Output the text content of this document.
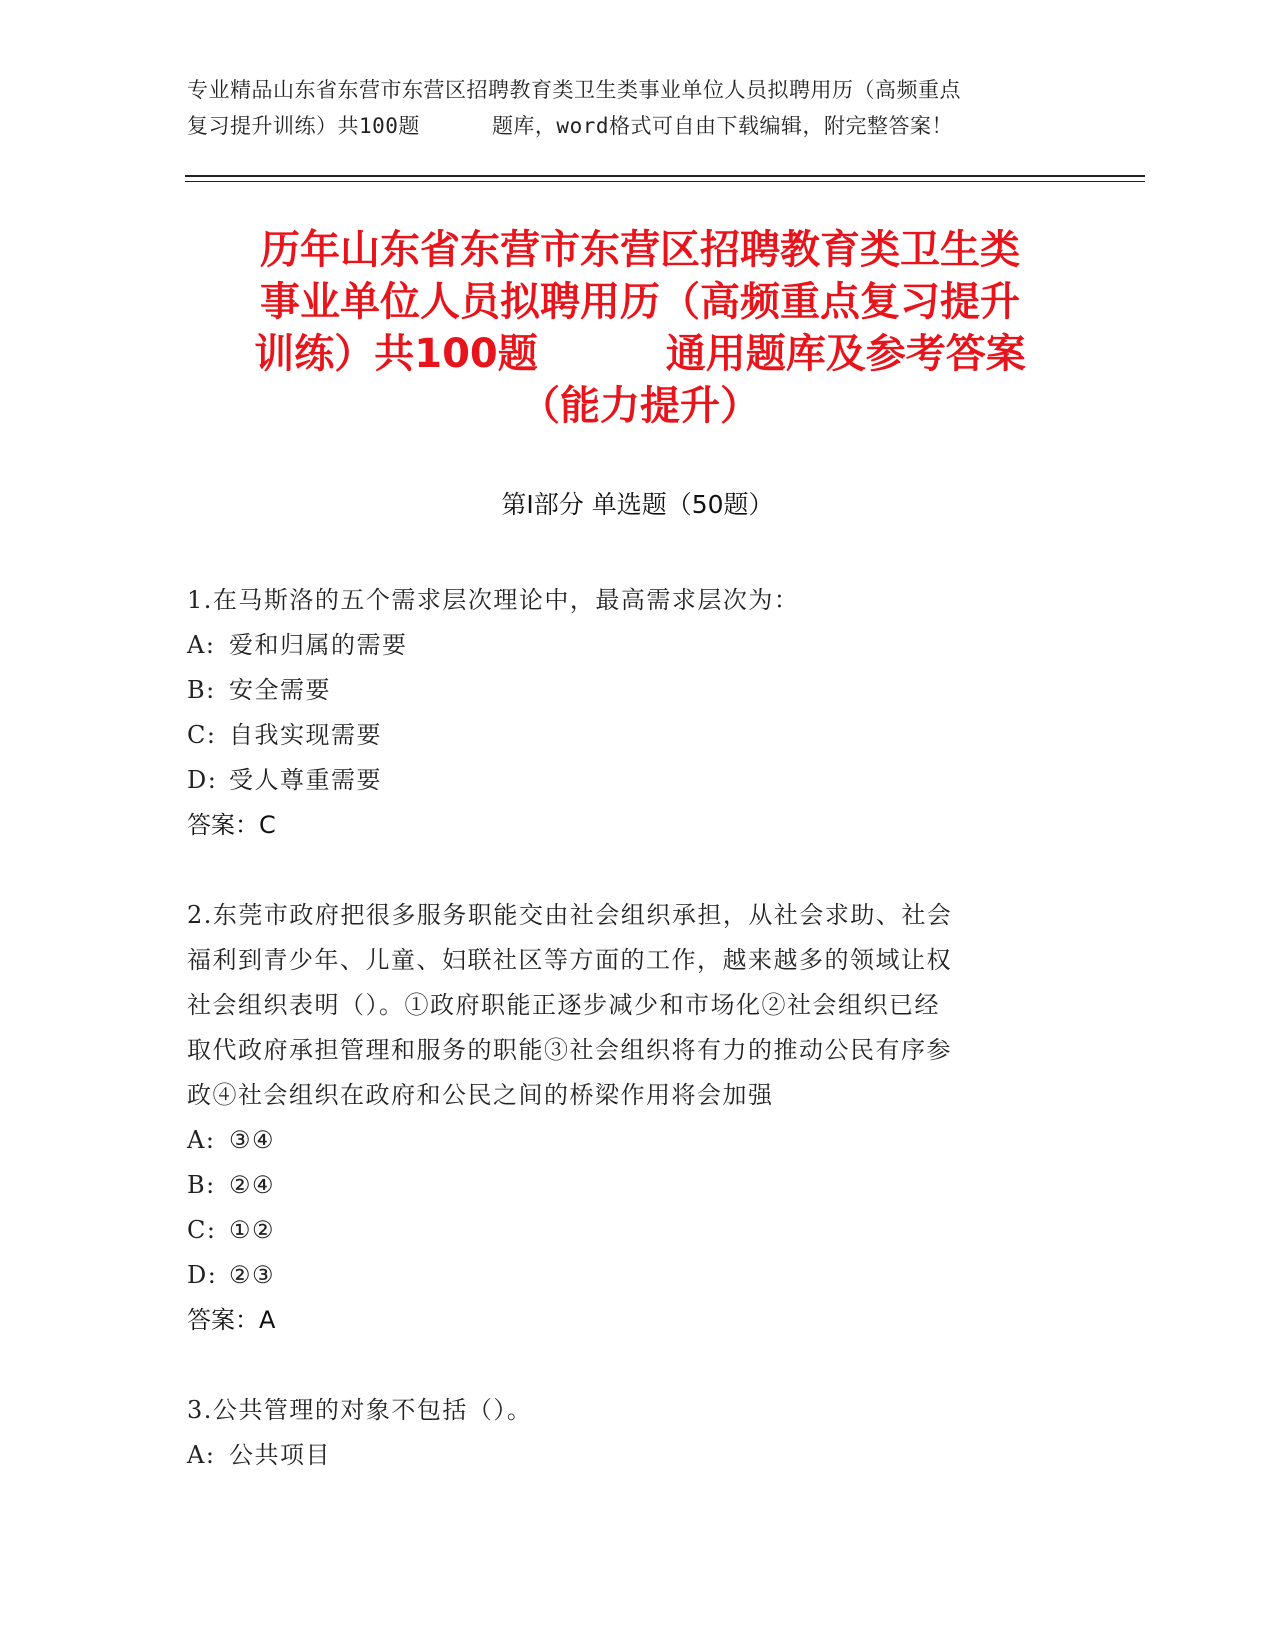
专业精品山东省东营市东营区招聘教育类卫生类事业单位人员拟聘用历（高频重点
复习提升训练）共100题	题库，word格式可自由下载编辑，附完整答案！
历年山东省东营市东营区招聘教育类卫生类
事业单位人员拟聘用历（高频重点复习提升
训练）共100题	通用题库及参考答案
（能力提升）
第Ⅰ部分 单选题（50题）

1.在马斯洛的五个需求层次理论中，最高需求层次为：

A: 爱和归属的需要

B: 安全需要

C: 自我实现需要

D: 受人尊重需要

答案：C

2.东莞市政府把很多服务职能交由社会组织承担，从社会求助、社会

福利到青少年、儿童、妇联社区等方面的工作，越来越多的领域让权

社会组织表明（）。①政府职能正逐步减少和市场化②社会组织已经

取代政府承担管理和服务的职能③社会组织将有力的推动公民有序参

政④社会组织在政府和公民之间的桥梁作用将会加强

A: ③④

B: ②④

C: ①②

D: ②③

答案：A

3.公共管理的对象不包括（）。

A: 公共项目
